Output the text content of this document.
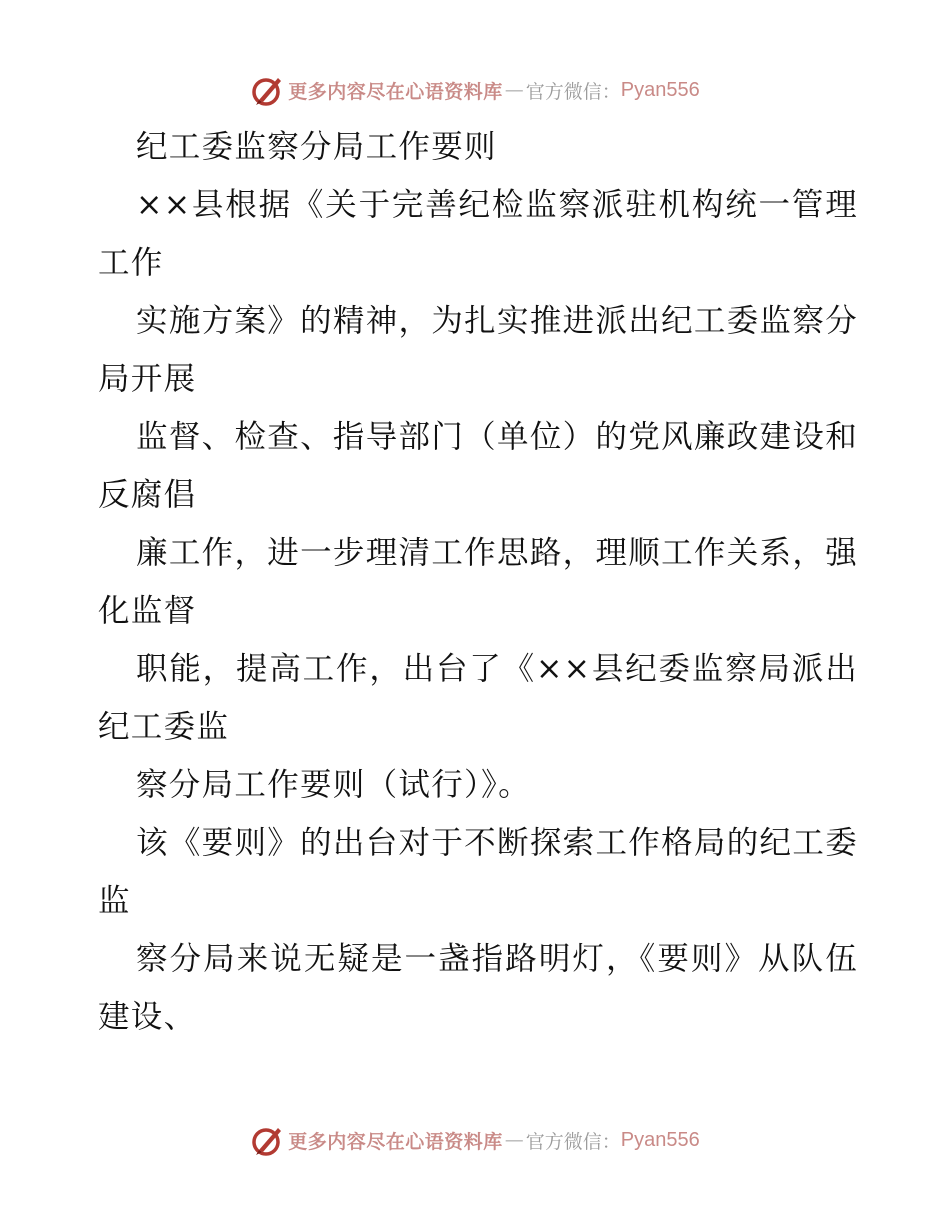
更多内容尽在心语资料库 — 官方微信： Pyan556

纪工委监察分局工作要则

××县根据《关于完善纪检监察派驻机构统一管理工作

实施方案》的精神，为扎实推进派出纪工委监察分局开展

监督、检查、指导部门（单位）的党风廉政建设和反腐倡

廉工作，进一步理清工作思路，理顺工作关系，强化监督

职能，提高工作，出台了《××县纪委监察局派出纪工委监

察分局工作要则（试行）》。

该《要则》的出台对于不断探索工作格局的纪工委监

察分局来说无疑是一盏指路明灯，《要则》从队伍建设、

更多内容尽在心语资料库 — 官方微信： Pyan556
